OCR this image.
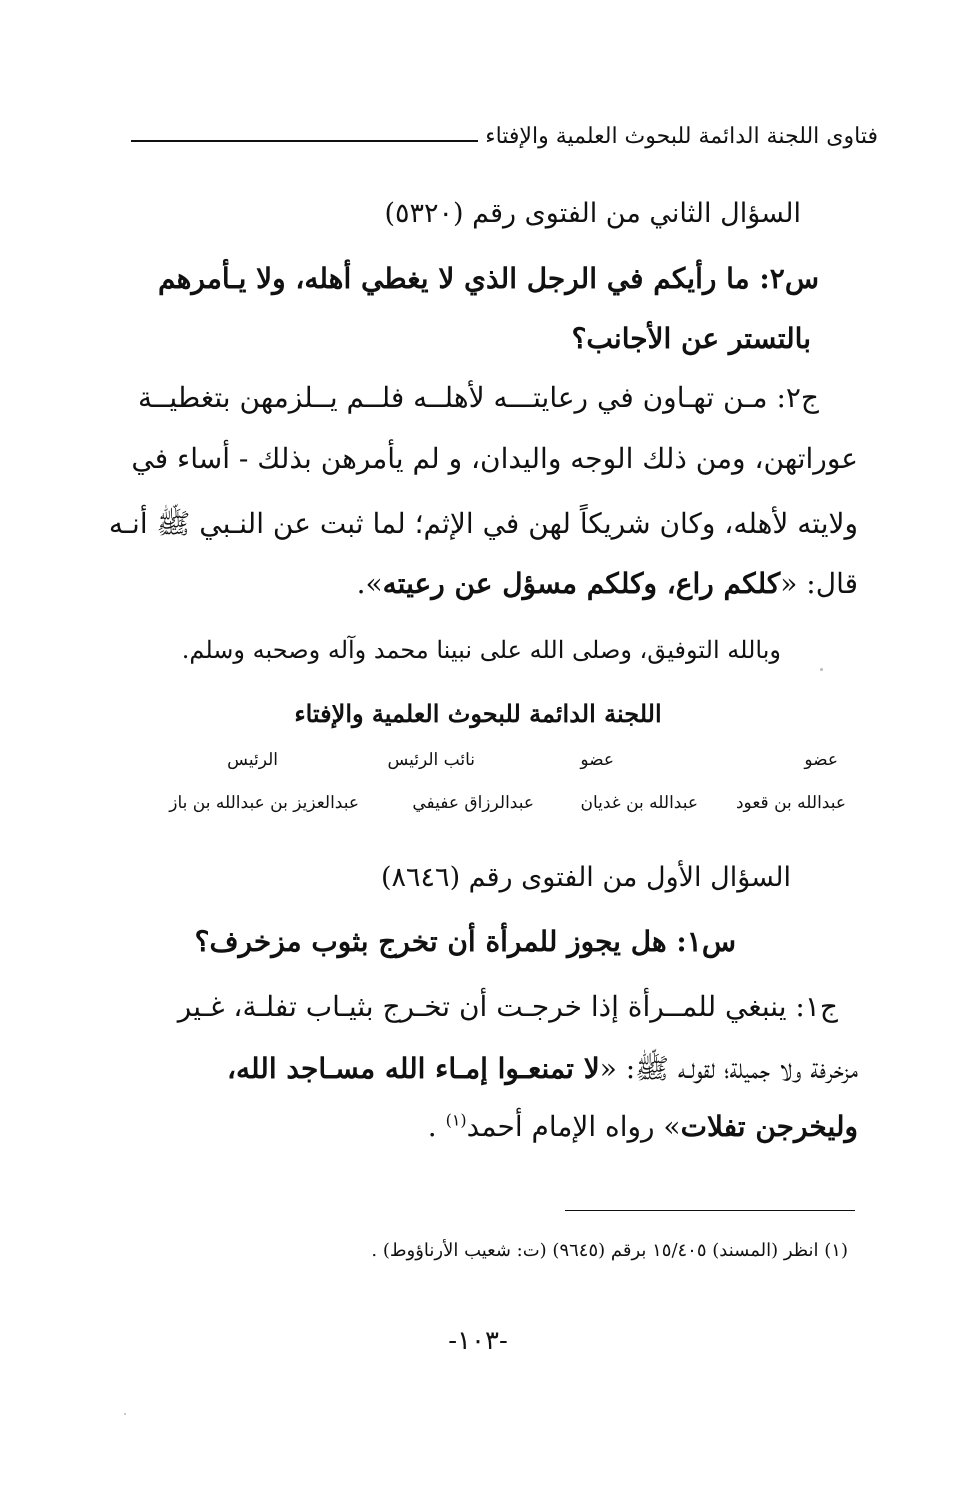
فتاوى اللجنة الدائمة للبحوث العلمية والإفتاء
السؤال الثاني من الفتوى رقم (٥٣٢٠)
س٢: ما رأيكم في الرجل الذي لا يغطي أهله، ولا يـأمرهم
بالتستر عن الأجانب؟
ج٢: مـن تهـاون في رعايتـــه لأهلــه فلــم يــلزمهن بتغطيــة
عوراتهن، ومن ذلك الوجه واليدان، و لم يأمرهن بذلك - أساء في
ولايته لأهله، وكان شريكاً لهن في الإثم؛ لما ثبت عن النـبي ﷺ أنـه
قال: «كلكم راع، وكلكم مسؤل عن رعيته».
وبالله التوفيق، وصلى الله على نبينا محمد وآله وصحبه وسلم.
اللجنة الدائمة للبحوث العلمية والإفتاء
عضو
عضو
نائب الرئيس
الرئيس
عبدالله بن قعود
عبدالله بن غديان
عبدالرزاق عفيفي
عبدالعزيز بن عبدالله بن باز
السؤال الأول من الفتوى رقم (٨٦٤٦)
س١: هل يجوز للمرأة أن تخرج بثوب مزخرف؟
ج١: ينبغي للمــرأة إذا خرجـت أن تخـرج بثيـاب تفلـة، غـير
مزخرفة ولا جميلة؛ لقولـه ﷺ: «لا تمنعـوا إمـاء الله مسـاجد الله،
وليخرجن تفلات» رواه الإمام أحمد$^{(١)}$ .
(١) انظر (المسند) ١٥/٤٠٥ برقم (٩٦٤٥) (ت: شعيب الأرناؤوط) .
-١٠٣-
